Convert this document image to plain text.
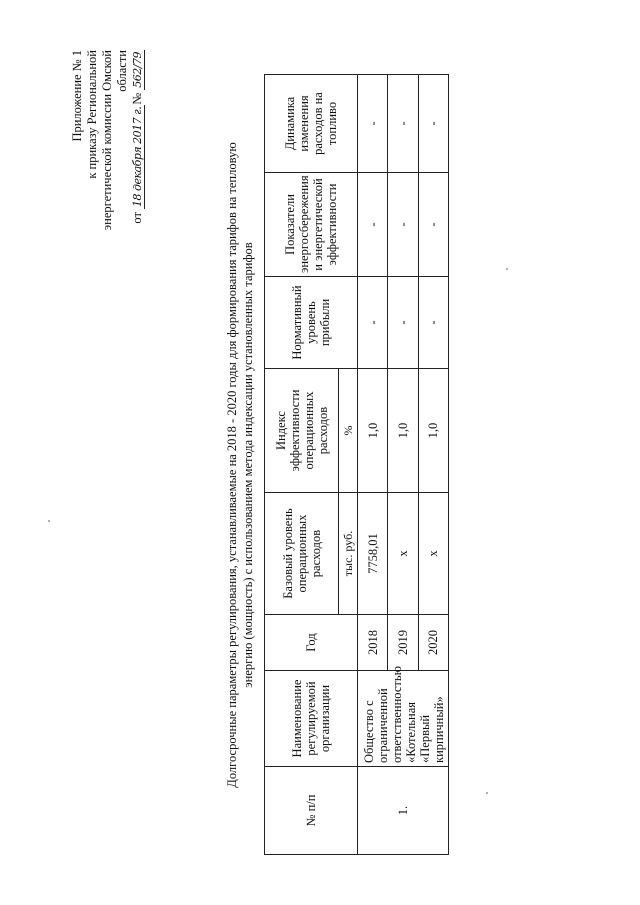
Приложение № 1 к приказу Региональной энергетической комиссии Омской области
от 18 декабря 2017 г.№ 562/79
Долгосрочные параметры регулирования, устанавливаемые на 2018 - 2020 годы для формирования тарифов на тепловую энергию (мощность) с использованием метода индексации установленных тарифов
№ п/п	Наименование регулируемой организации	Год	Базовый уровень операционных расходов	Индекс эффективности операционных расходов	Нормативный уровень прибыли	Показатели энергосбережения и энергетической эффективности	Динамика изменения расходов на топливо
			тыс. руб.	%			
1.	Общество с ограниченной ответственностью «Котельная «Первый кирпичный»	2018	7758,01	1,0	-	-	-
		2019	х	1,0	-	-	-
		2020	х	1,0	-	-	-
